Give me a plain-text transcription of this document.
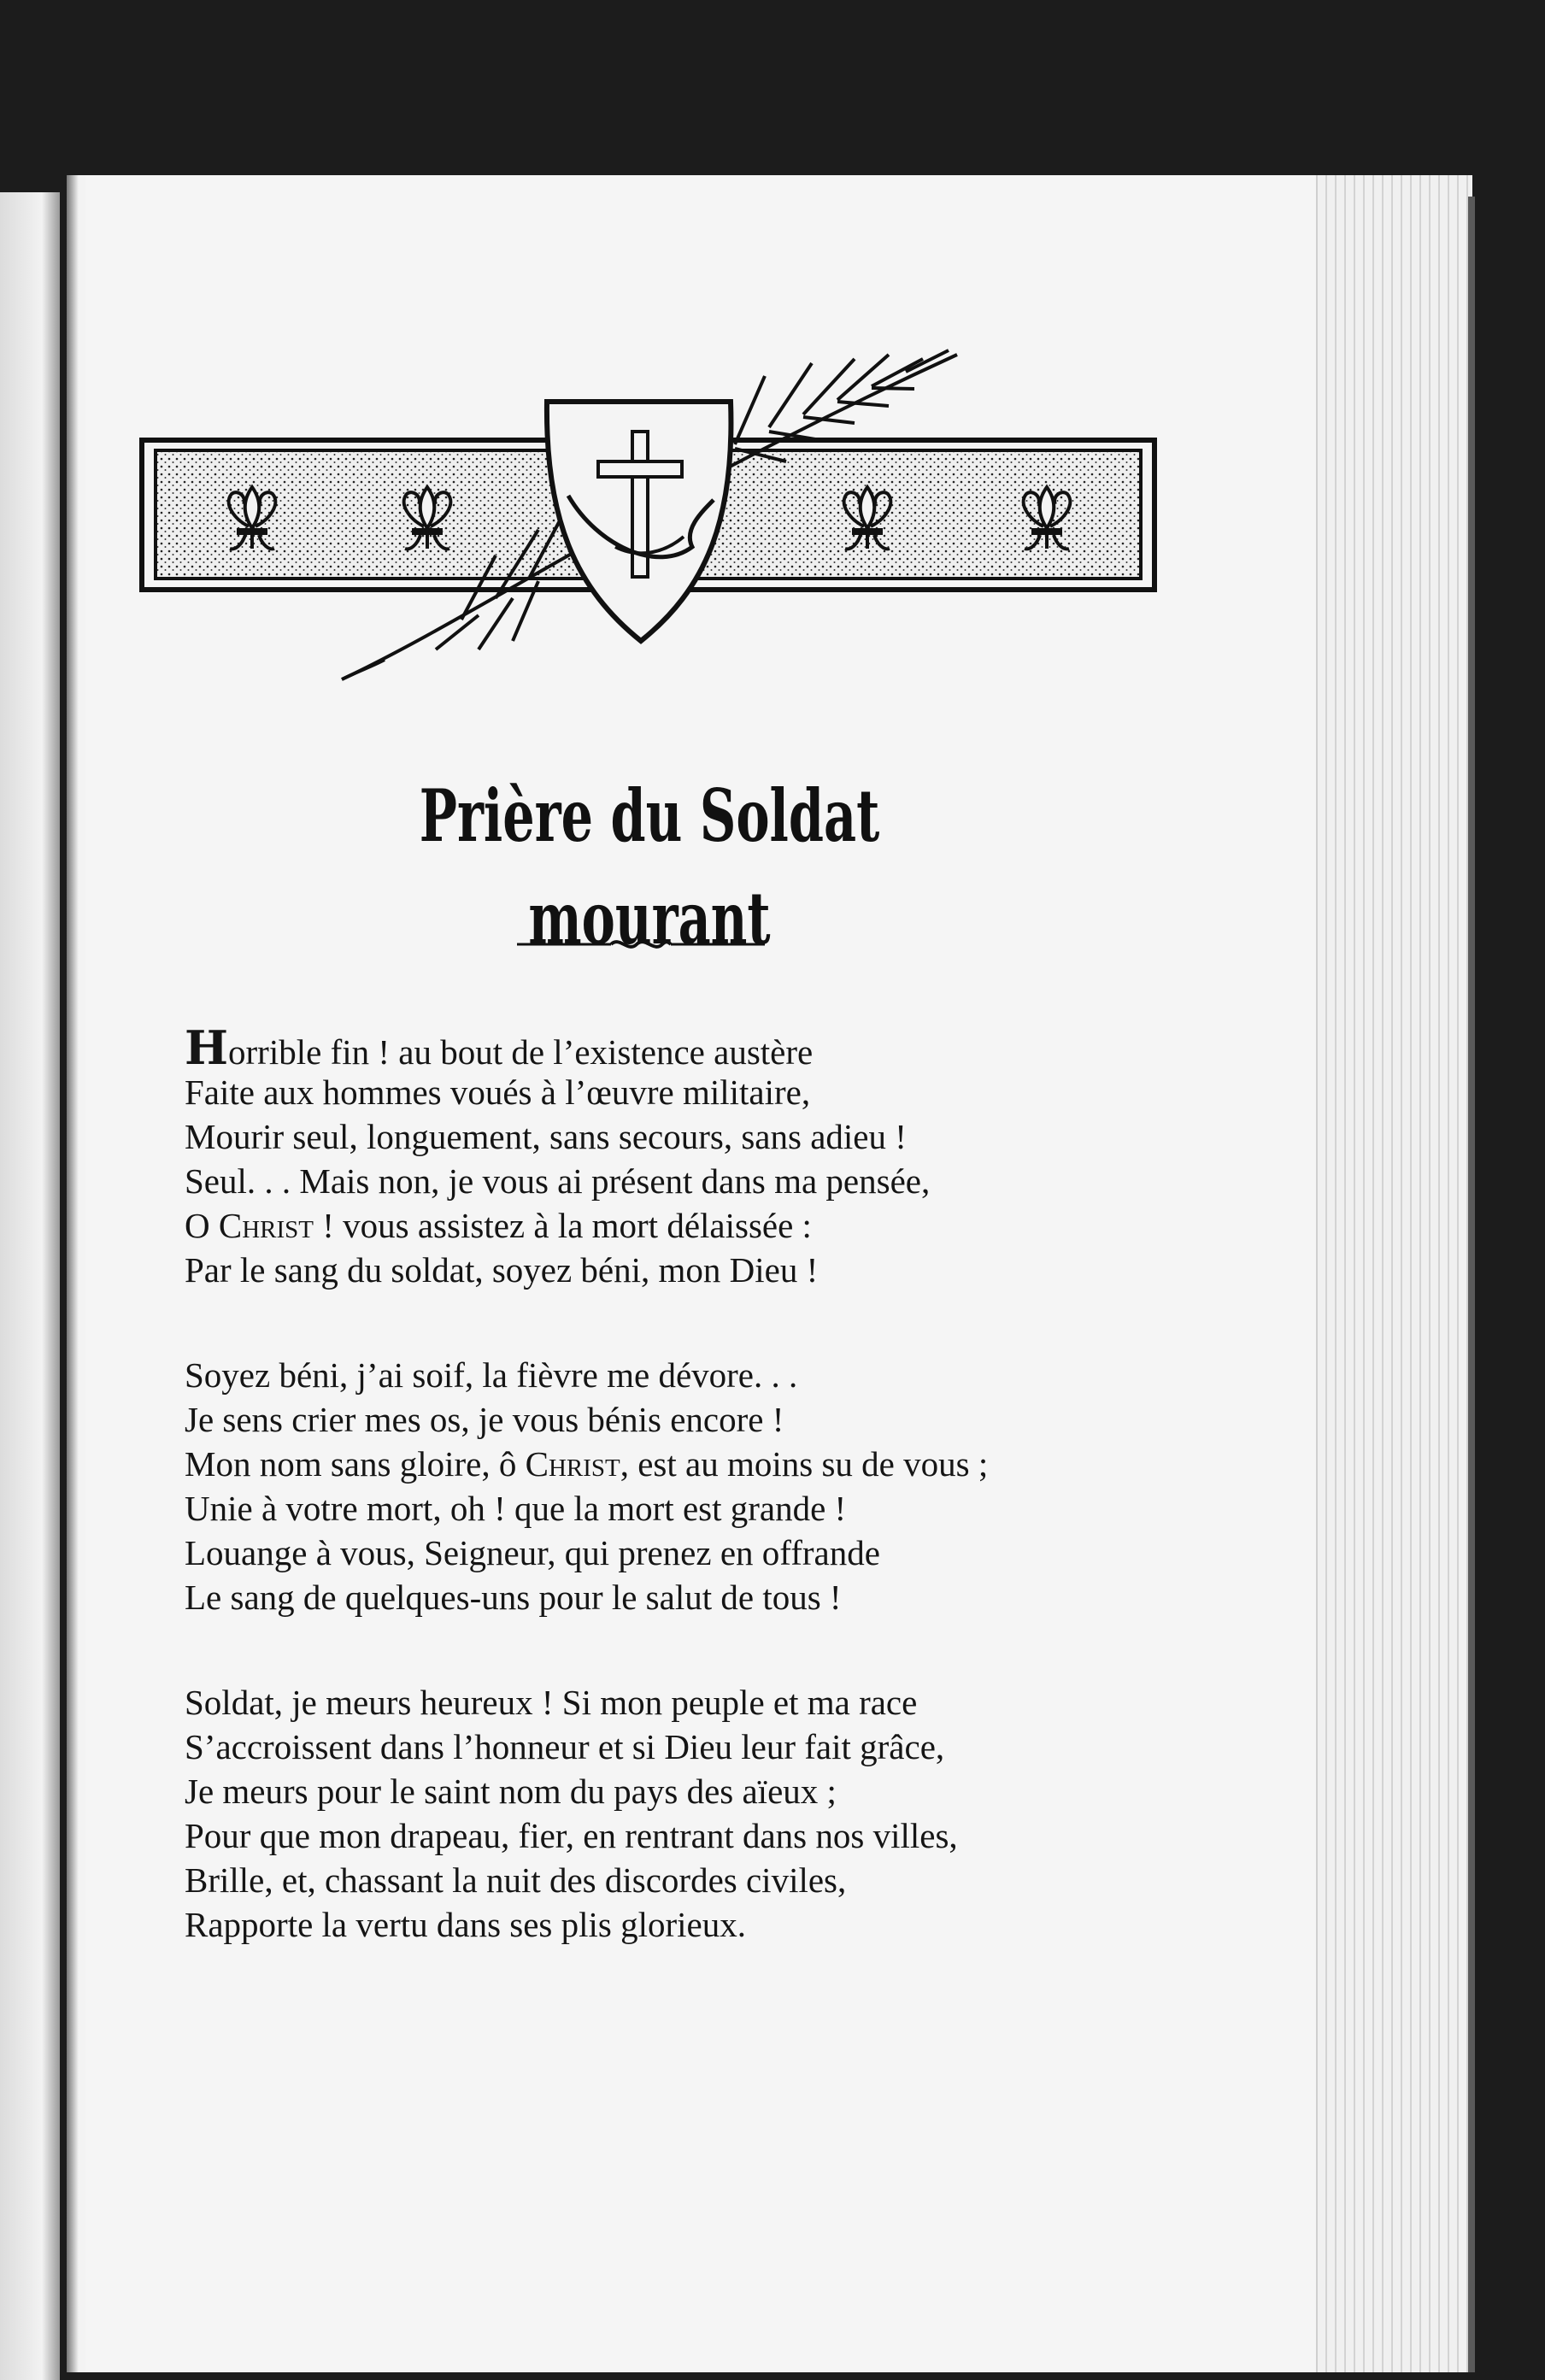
Prière du Soldat mourant
Horrible fin ! au bout de l’existence austère
Faite aux hommes voués à l’œuvre militaire,
Mourir seul, longuement, sans secours, sans adieu !
Seul. . . Mais non, je vous ai présent dans ma pensée,
O Christ ! vous assistez à la mort délaissée :
Par le sang du soldat, soyez béni, mon Dieu !
Soyez béni, j’ai soif, la fièvre me dévore. . .
Je sens crier mes os, je vous bénis encore !
Mon nom sans gloire, ô Christ, est au moins su de vous ;
Unie à votre mort, oh ! que la mort est grande !
Louange à vous, Seigneur, qui prenez en offrande
Le sang de quelques-uns pour le salut de tous !
Soldat, je meurs heureux ! Si mon peuple et ma race
S’accroissent dans l’honneur et si Dieu leur fait grâce,
Je meurs pour le saint nom du pays des aïeux ;
Pour que mon drapeau, fier, en rentrant dans nos villes,
Brille, et, chassant la nuit des discordes civiles,
Rapporte la vertu dans ses plis glorieux.
